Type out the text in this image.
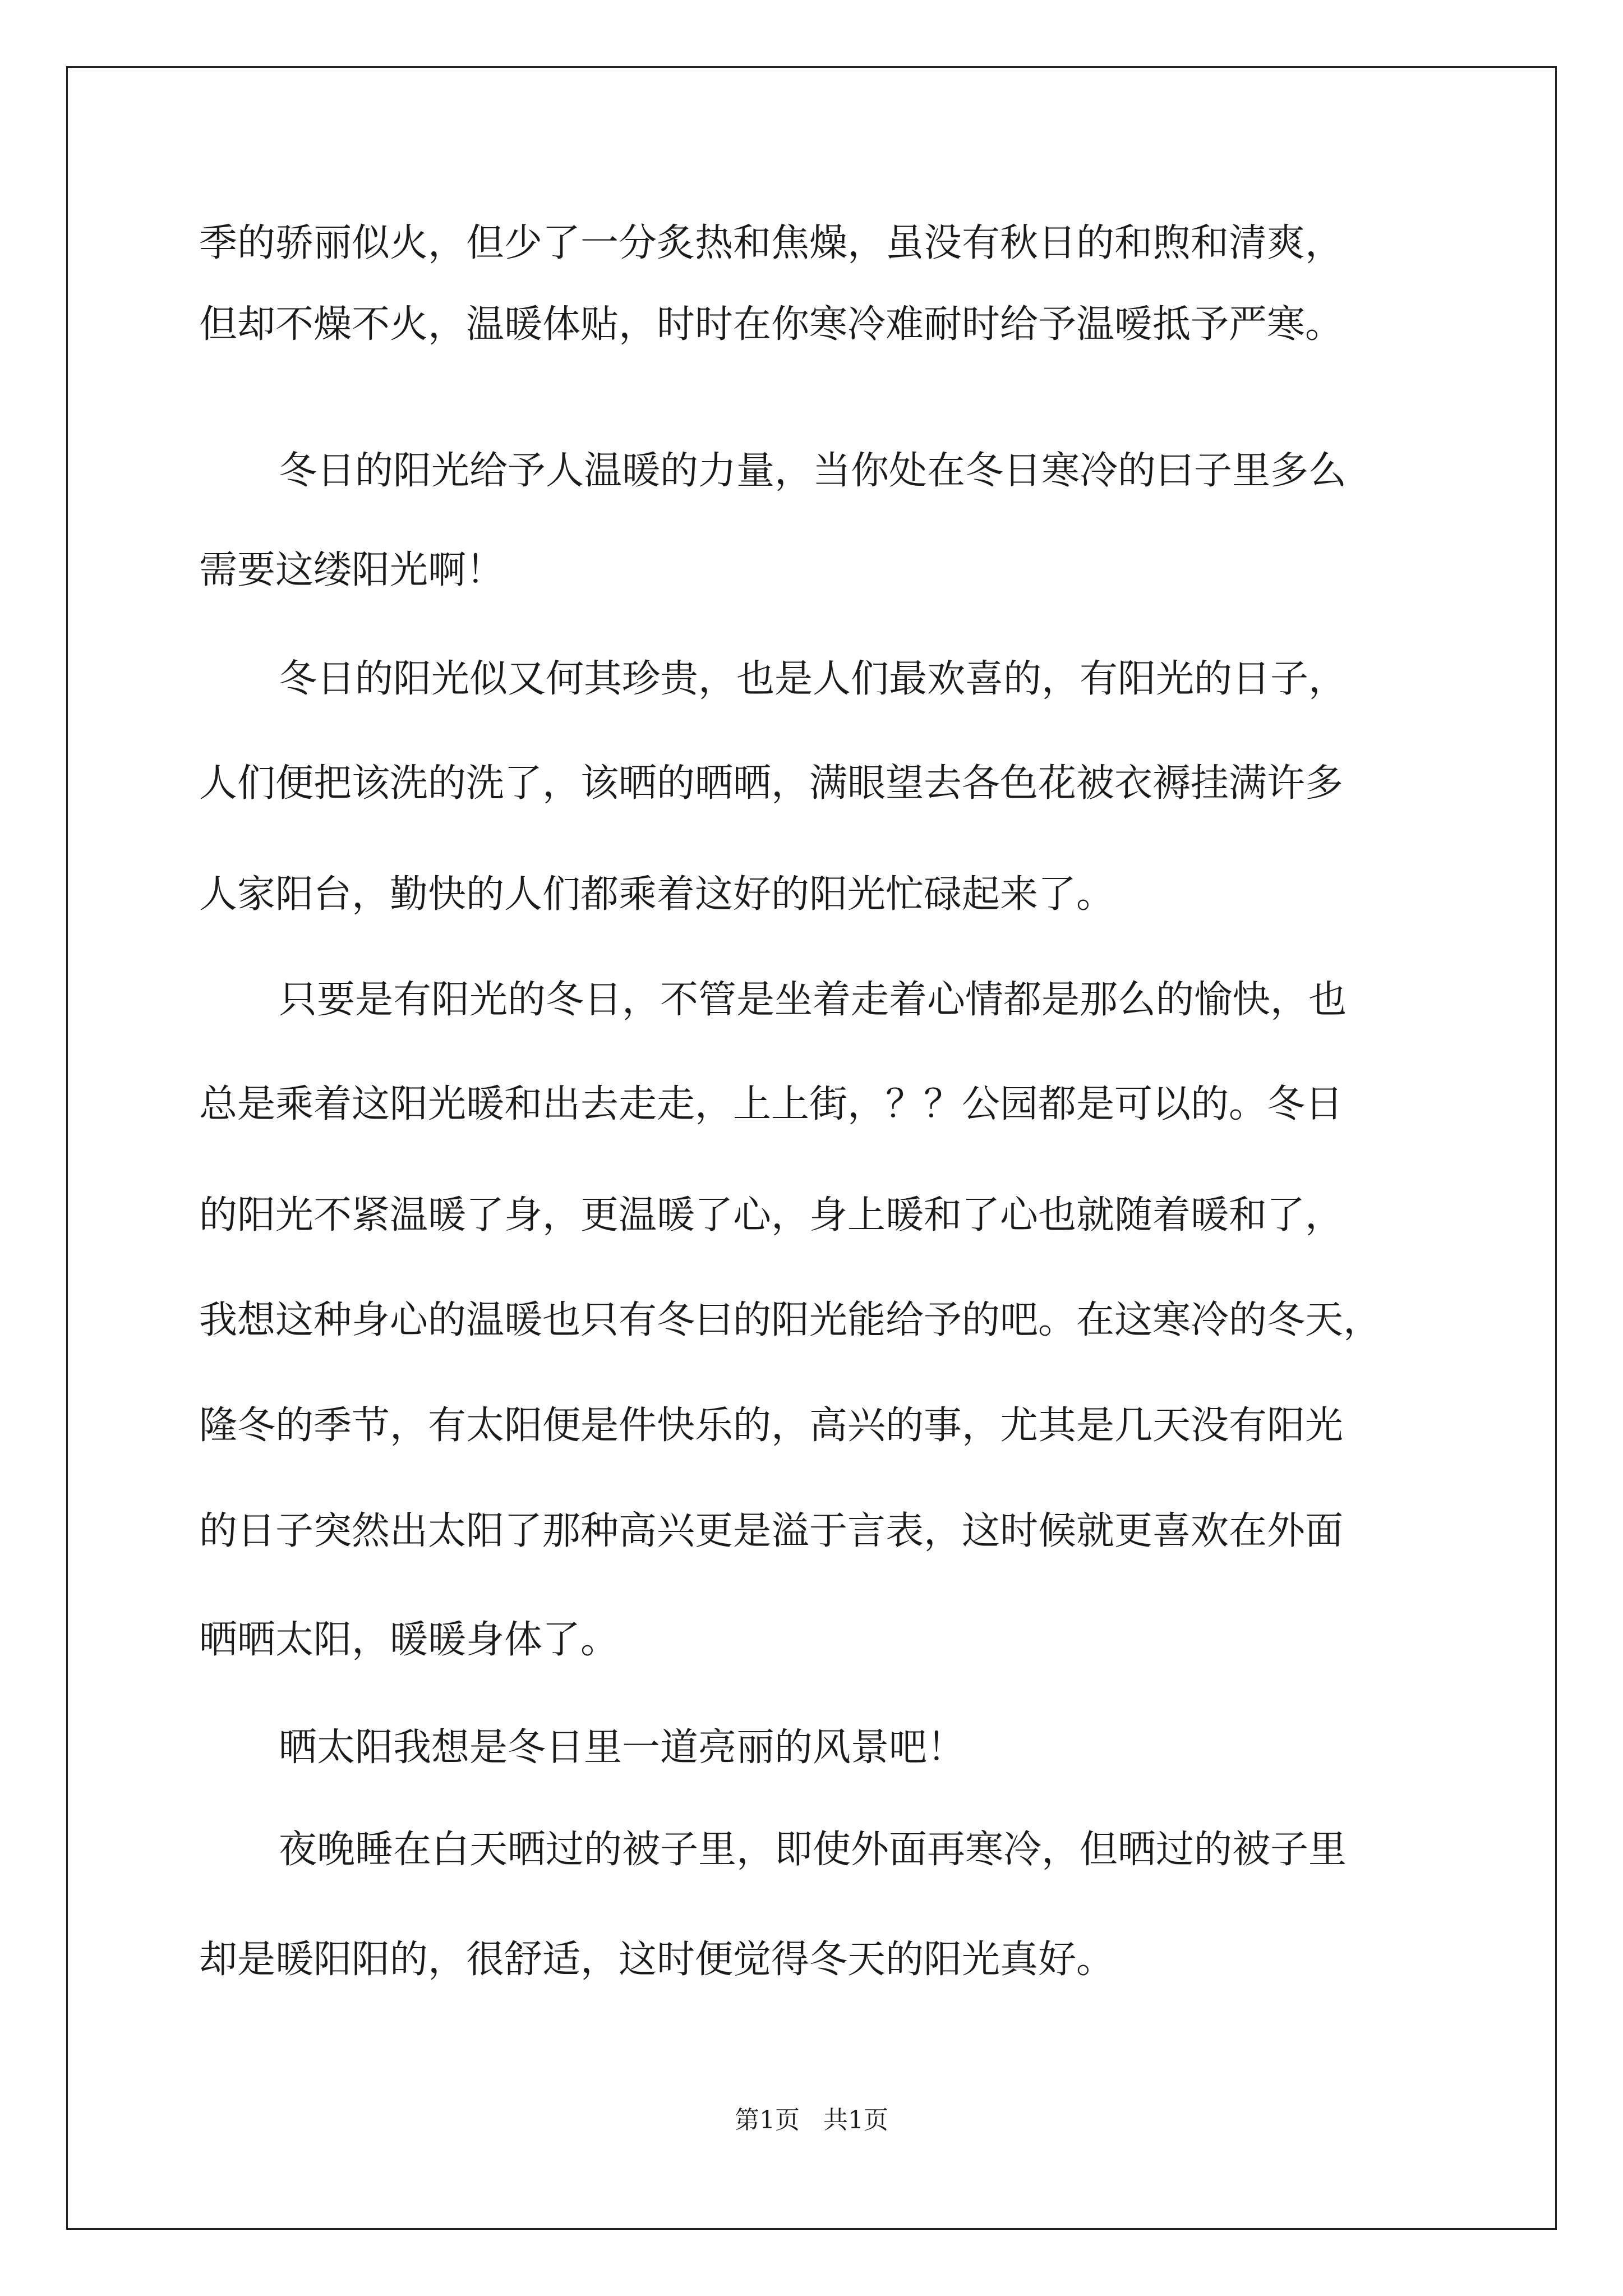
季的骄丽似火，但少了一分炙热和焦燥，虽没有秋日的和煦和清爽，
但却不燥不火，温暖体贴，时时在你寒冷难耐时给予温嗳抵予严寒。
冬日的阳光给予人温暖的力量，当你处在冬日寒冷的曰子里多么
需要这缕阳光啊！
冬日的阳光似又何其珍贵，也是人们最欢喜的，有阳光的日子，
人们便把该洗的洗了，该晒的晒晒，满眼望去各色花被衣褥挂满许多
人家阳台，勤快的人们都乘着这好的阳光忙碌起来了。
只要是有阳光的冬日，不管是坐着走着心情都是那么的愉快，也
总是乘着这阳光暖和出去走走，上上街，？？公园都是可以的。冬日
的阳光不紧温暖了身，更温暖了心，身上暖和了心也就随着暖和了，
我想这种身心的温暖也只有冬曰的阳光能给予的吧。在这寒冷的冬天，
隆冬的季节，有太阳便是件快乐的，高兴的事，尤其是几天没有阳光
的日子突然出太阳了那种高兴更是溢于言表，这时候就更喜欢在外面
晒晒太阳，暖暖身体了。
晒太阳我想是冬日里一道亮丽的风景吧！
夜晚睡在白天晒过的被子里，即使外面再寒冷，但晒过的被子里
却是暖阳阳的，很舒适，这时便觉得冬天的阳光真好。
第1页   共1页
